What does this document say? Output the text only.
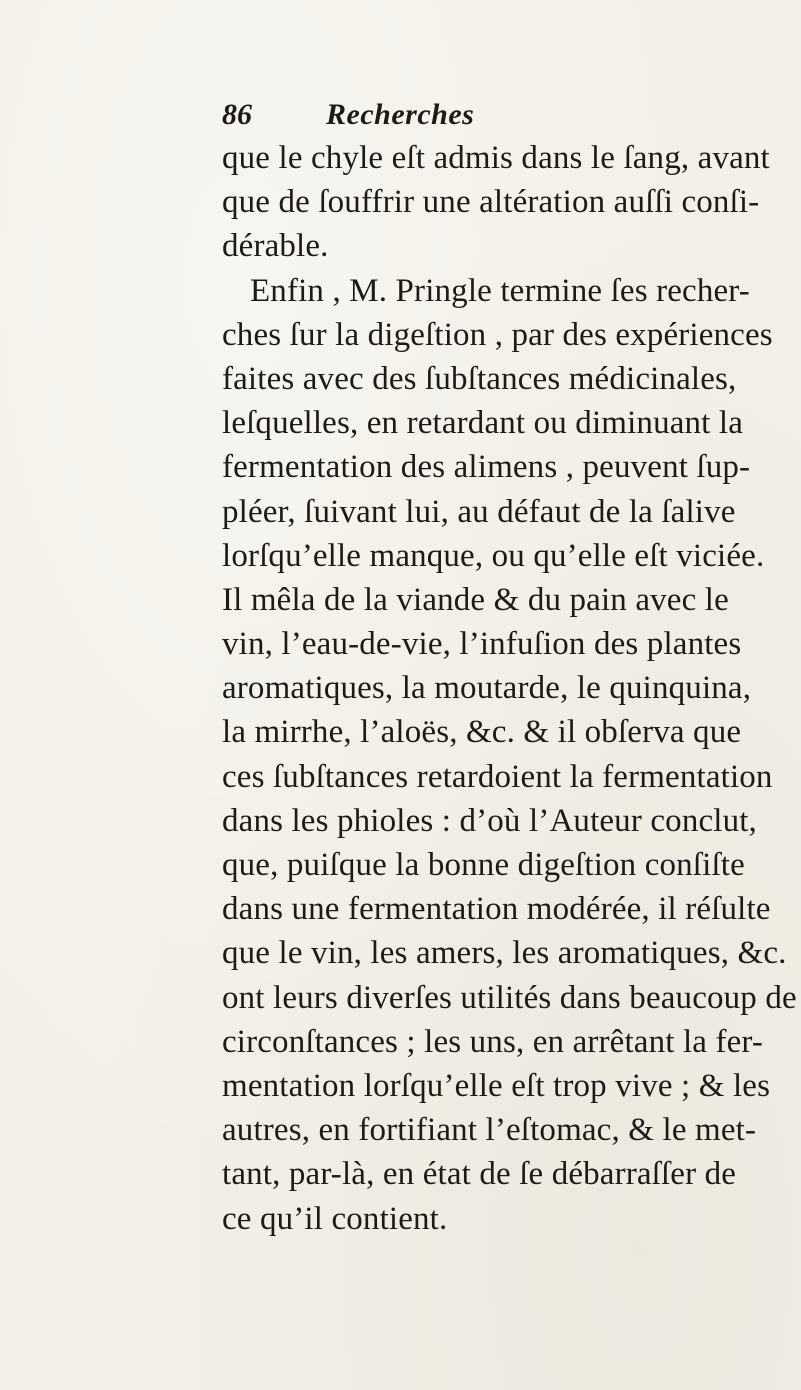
86 Recherches
que le chyle eſt admis dans le ſang, avant
que de ſouffrir une altération auſſi conſi-
dérable.
Enfin , M. Pringle termine ſes recher-
ches ſur la digeſtion , par des expériences
faites avec des ſubſtances médicinales,
leſquelles, en retardant ou diminuant la
fermentation des alimens , peuvent ſup-
pléer, ſuivant lui, au défaut de la ſalive
lorſqu’elle manque, ou qu’elle eſt viciée.
Il mêla de la viande & du pain avec le
vin, l’eau-de-vie, l’infuſion des plantes
aromatiques, la moutarde, le quinquina,
la mirrhe, l’aloës, &c. & il obſerva que
ces ſubſtances retardoient la fermentation
dans les phioles : d’où l’Auteur conclut,
que, puiſque la bonne digeſtion conſiſte
dans une fermentation modérée, il réſulte
que le vin, les amers, les aromatiques, &c.
ont leurs diverſes utilités dans beaucoup de
circonſtances ; les uns, en arrêtant la fer-
mentation lorſqu’elle eſt trop vive ; & les
autres, en fortifiant l’eſtomac, & le met-
tant, par-là, en état de ſe débarraſſer de
ce qu’il contient.
